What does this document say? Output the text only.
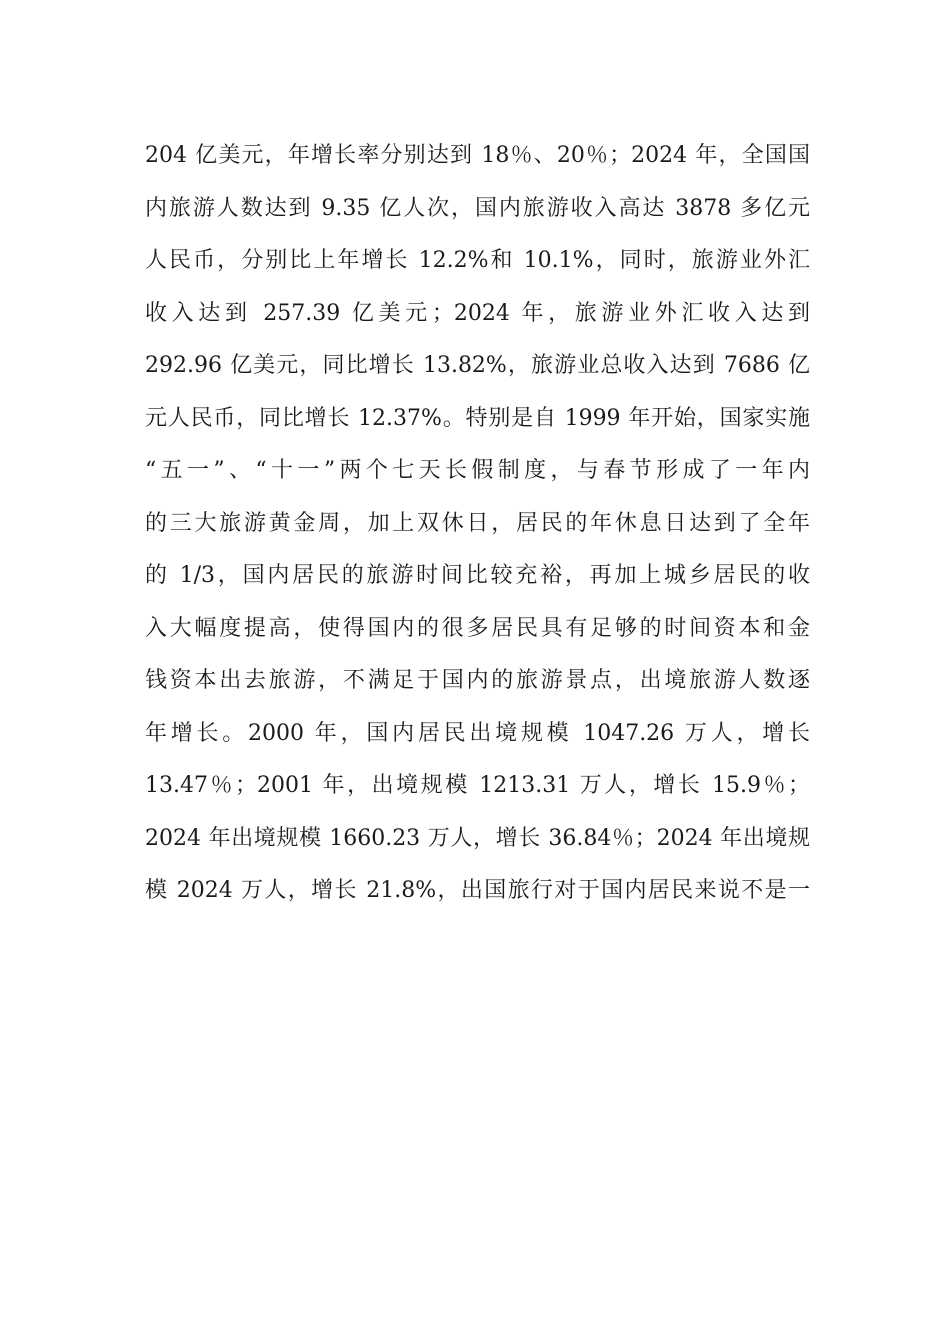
204 亿美元，年增长率分别达到 18％、20％；2024 年，全国国
内旅游人数达到 9.35 亿人次，国内旅游收入高达 3878 多亿元
人民币，分别比上年增长 12.2%和 10.1%，同时，旅游业外汇
收入达到 257.39 亿美元；2024 年，旅游业外汇收入达到
292.96 亿美元，同比增长 13.82%，旅游业总收入达到 7686 亿
元人民币，同比增长 12.37%。特别是自 1999 年开始，国家实施
“五一”、“十一”两个七天长假制度，与春节形成了一年内
的三大旅游黄金周，加上双休日，居民的年休息日达到了全年
的 1/3，国内居民的旅游时间比较充裕，再加上城乡居民的收
入大幅度提高，使得国内的很多居民具有足够的时间资本和金
钱资本出去旅游，不满足于国内的旅游景点，出境旅游人数逐
年增长。2000 年，国内居民出境规模 1047.26 万人，增长
13.47％；2001 年，出境规模 1213.31 万人，增长 15.9％；
2024 年出境规模 1660.23 万人，增长 36.84％；2024 年出境规
模 2024 万人，增长 21.8%，出国旅行对于国内居民来说不是一
